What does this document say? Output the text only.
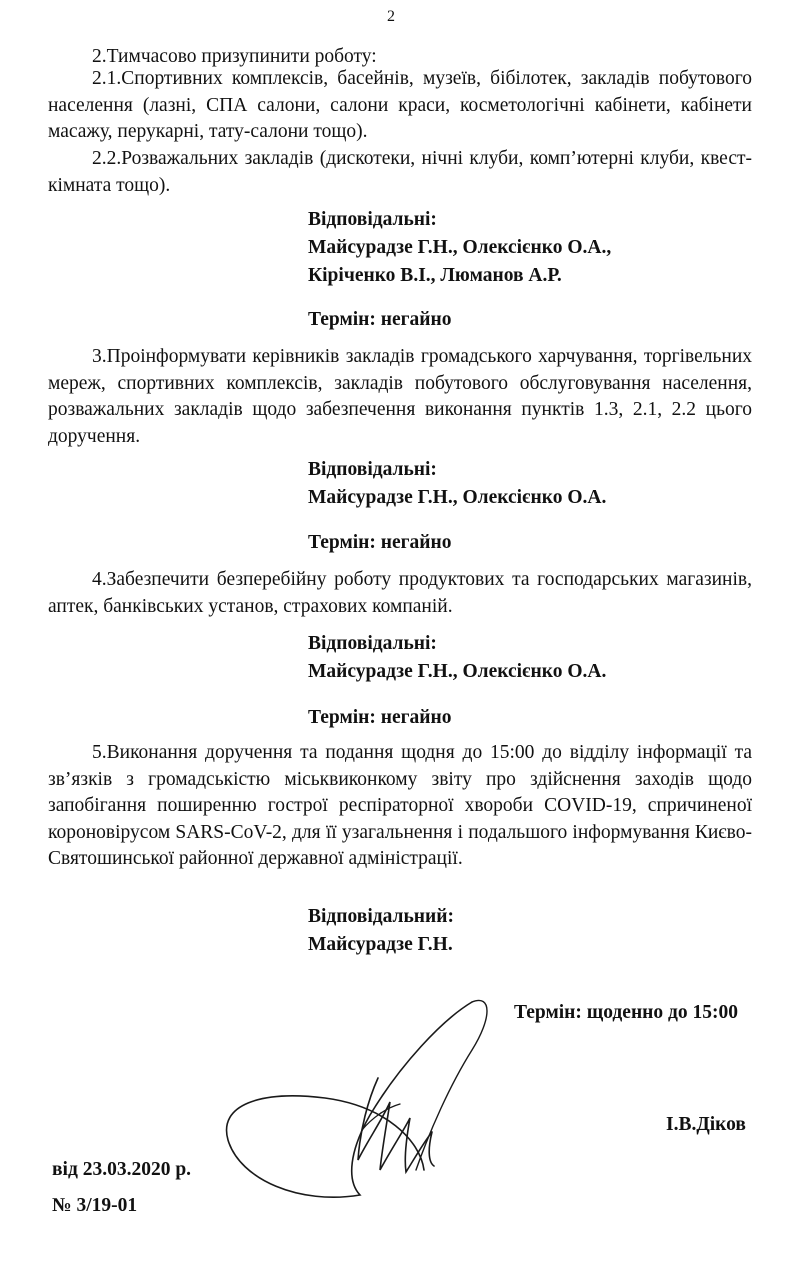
2

2.Тимчасово призупинити роботу:

2.1.Спортивних комплексів, басейнів, музеїв, бібілотек, закладів побутового населення (лазні, СПА салони, салони краси, косметологічні кабінети, кабінети масажу, перукарні, тату-салони тощо).

2.2.Розважальних закладів (дискотеки, нічні клуби, комп’ютерні клуби, квест-кімната тощо).

Відповідальні:
Майсурадзе Г.Н., Олексієнко О.А.,
Кіріченко В.І., Люманов А.Р.
Термін: негайно

3.Проінформувати керівників закладів громадського харчування, торгівельних мереж, спортивних комплексів, закладів побутового обслуговування населення, розважальних закладів щодо забезпечення виконання пунктів 1.3, 2.1, 2.2 цього доручення.

Відповідальні:
Майсурадзе Г.Н., Олексієнко О.А.
Термін: негайно

4.Забезпечити безперебійну роботу продуктових та господарських магазинів, аптек, банківських установ, страхових компаній.

Відповідальні:
Майсурадзе Г.Н., Олексієнко О.А.
Термін: негайно

5.Виконання доручення та подання щодня до 15:00 до відділу інформації та зв’язків з громадськістю міськвиконкому звіту про здійснення заходів щодо запобігання поширенню гострої респіраторної хвороби COVID-19, спричиненої короновірусом SARS-CoV-2, для її узагальнення і подальшого інформування Києво-Святошинської районної державної адміністрації.

Відповідальний:
Майсурадзе Г.Н.
Термін: щоденно до 15:00
І.В.Діков
від 23.03.2020 р.
№ 3/19-01
